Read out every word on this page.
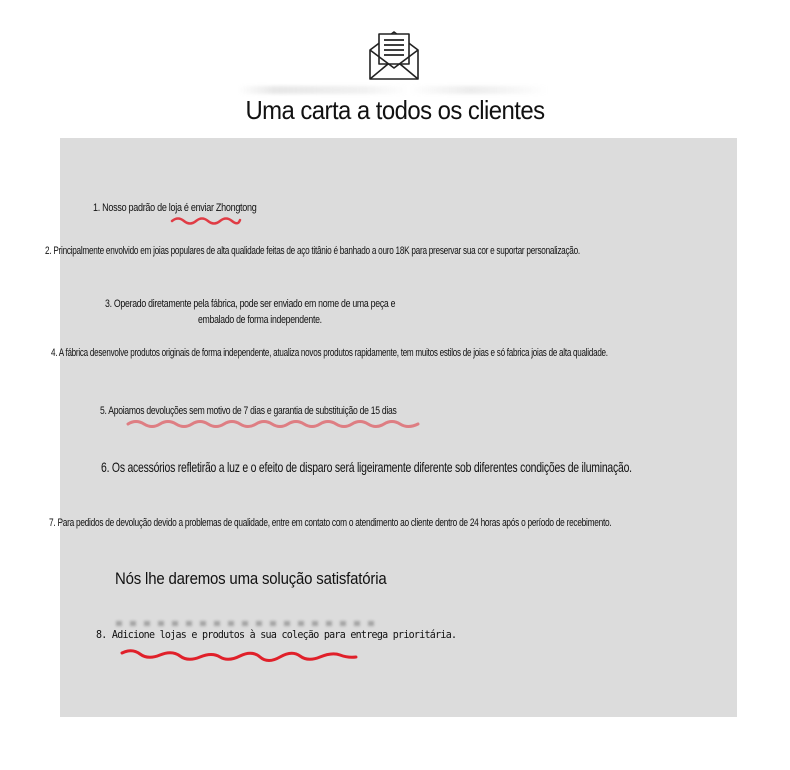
Uma carta a todos os clientes
1. Nosso padrão de loja é enviar Zhongtong
2. Principalmente envolvido em joias populares de alta qualidade feitas de aço titânio é banhado a ouro 18K para preservar sua cor e suportar personalização.
3. Operado diretamente pela fábrica, pode ser enviado em nome de uma peça e
embalado de forma independente.
4. A fábrica desenvolve produtos originais de forma independente, atualiza novos produtos rapidamente, tem muitos estilos de joias e só fabrica joias de alta qualidade.
5. Apoiamos devoluções sem motivo de 7 dias e garantia de substituição de 15 dias
6. Os acessórios refletirão a luz e o efeito de disparo será ligeiramente diferente sob diferentes condições de iluminação.
7. Para pedidos de devolução devido a problemas de qualidade, entre em contato com o atendimento ao cliente dentro de 24 horas após o período de recebimento.
Nós lhe daremos uma solução satisfatória
8. Adicione lojas e produtos à sua coleção para entrega prioritária.
